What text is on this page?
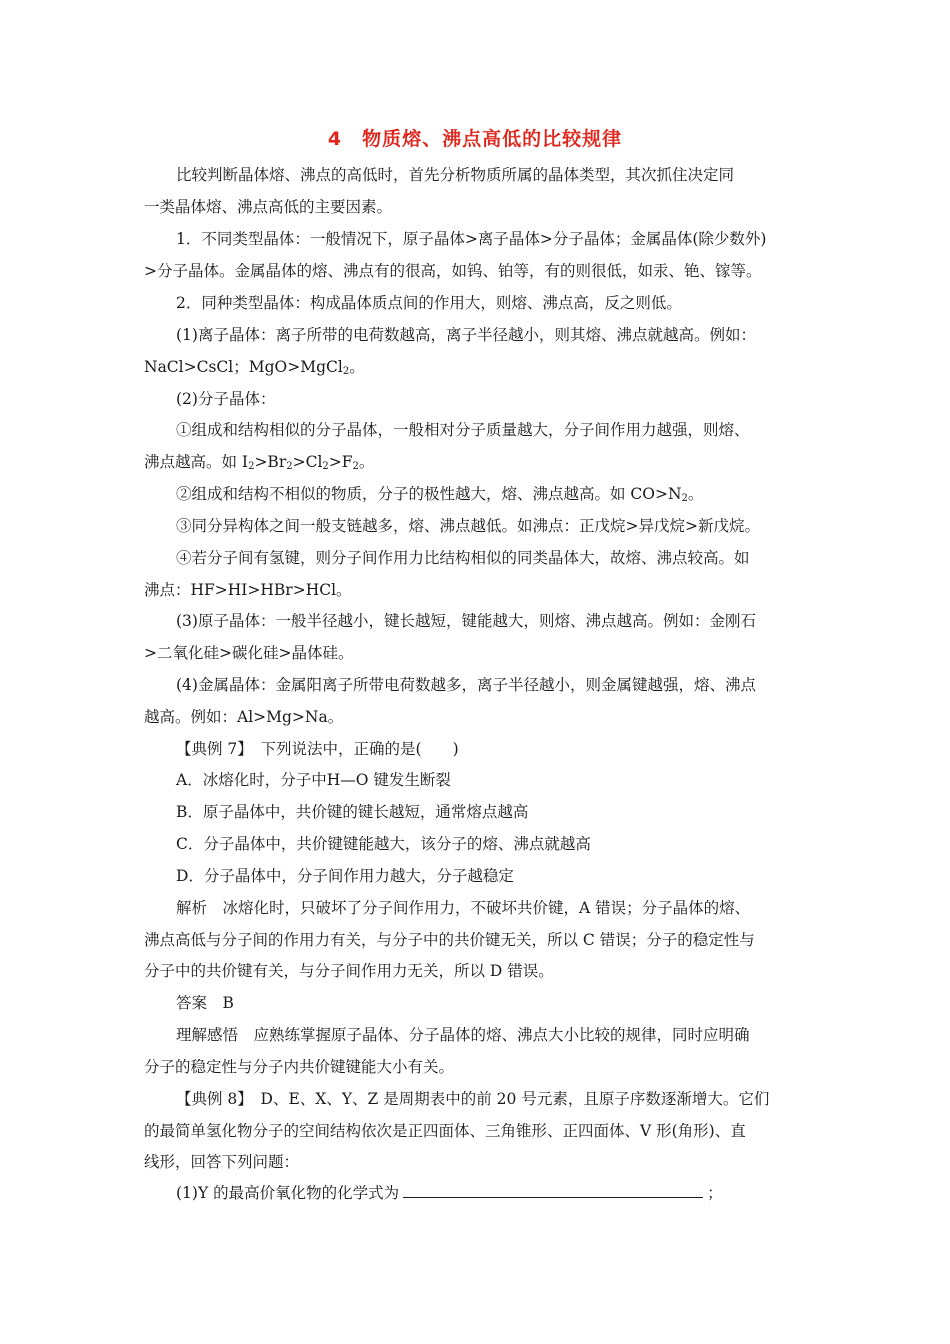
4　物质熔、沸点高低的比较规律
比较判断晶体熔、沸点的高低时，首先分析物质所属的晶体类型，其次抓住决定同
一类晶体熔、沸点高低的主要因素。
1．不同类型晶体：一般情况下，原子晶体>离子晶体>分子晶体；金属晶体(除少数外)
>分子晶体。金属晶体的熔、沸点有的很高，如钨、铂等，有的则很低，如汞、铯、镓等。
2．同种类型晶体：构成晶体质点间的作用大，则熔、沸点高，反之则低。
(1)离子晶体：离子所带的电荷数越高，离子半径越小，则其熔、沸点就越高。例如：
NaCl>CsCl；MgO>MgCl$_2$。
(2)分子晶体：
①组成和结构相似的分子晶体，一般相对分子质量越大，分子间作用力越强，则熔、
沸点越高。如 $I_2>Br_2>Cl_2>F_2$。
②组成和结构不相似的物质，分子的极性越大，熔、沸点越高。如 $CO>N_2$。
③同分异构体之间一般支链越多，熔、沸点越低。如沸点：正戊烷>异戊烷>新戊烷。
④若分子间有氢键，则分子间作用力比结构相似的同类晶体大，故熔、沸点较高。如
沸点：HF>HI>HBr>HCl。
(3)原子晶体：一般半径越小，键长越短，键能越大，则熔、沸点越高。例如：金刚石
>二氧化硅>碳化硅>晶体硅。
(4)金属晶体：金属阳离子所带电荷数越多，离子半径越小，则金属键越强，熔、沸点
越高。例如：Al>Mg>Na。
【典例 7】　下列说法中，正确的是(　　)
A．冰熔化时，分子中H—O 键发生断裂
B．原子晶体中，共价键的键长越短，通常熔点越高
C．分子晶体中，共价键键能越大，该分子的熔、沸点就越高
D．分子晶体中，分子间作用力越大，分子越稳定
解析　冰熔化时，只破坏了分子间作用力，不破坏共价键，A 错误；分子晶体的熔、
沸点高低与分子间的作用力有关，与分子中的共价键无关，所以 C 错误；分子的稳定性与
分子中的共价键有关，与分子间作用力无关，所以 D 错误。
答案　B
理解感悟　应熟练掌握原子晶体、分子晶体的熔、沸点大小比较的规律，同时应明确
分子的稳定性与分子内共价键键能大小有关。
【典例 8】　D、E、X、Y、Z 是周期表中的前 20 号元素，且原子序数逐渐增大。它们
的最简单氢化物分子的空间结构依次是正四面体、三角锥形、正四面体、V 形(角形)、直
线形，回答下列问题：
(1)Y 的最高价氧化物的化学式为	；
